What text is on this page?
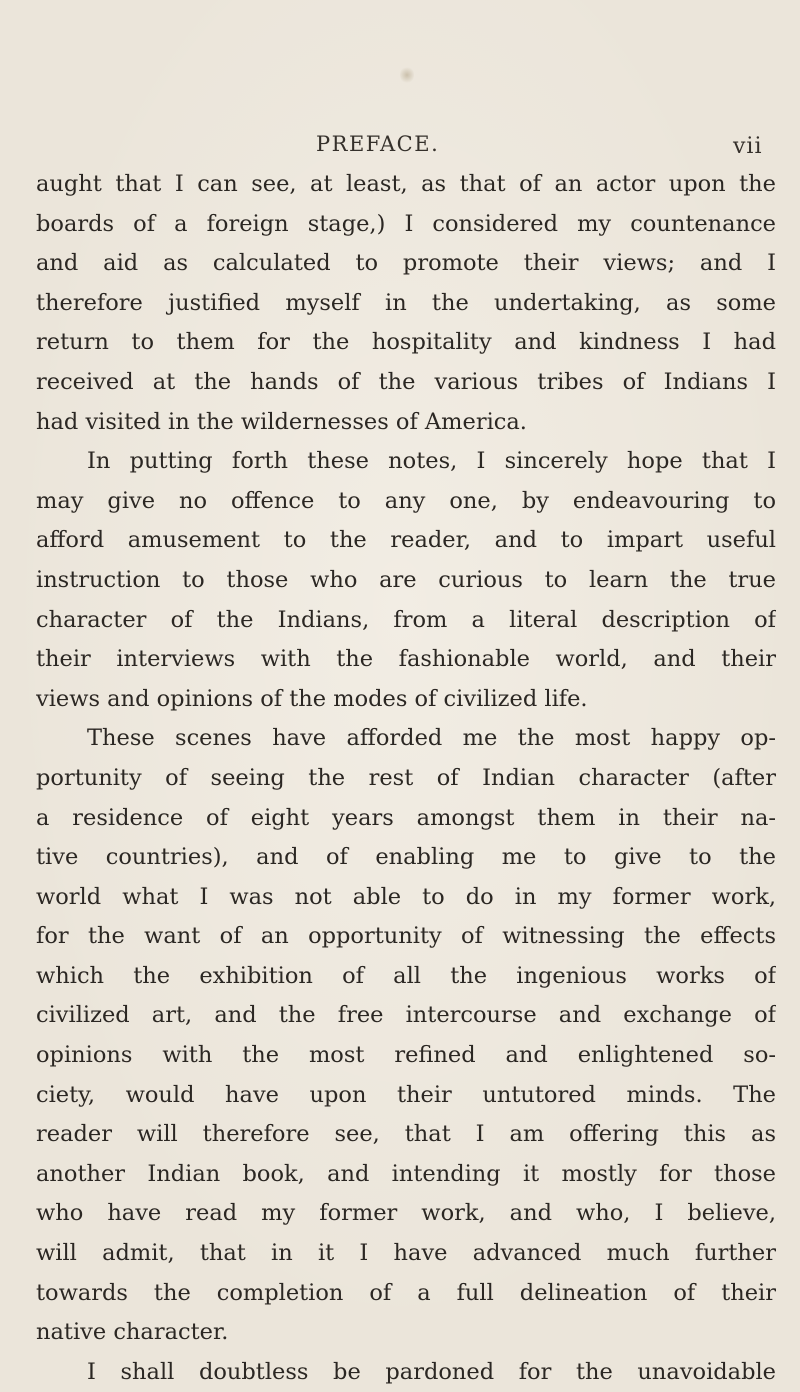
PREFACE.	vii
aught that I can see, at least, as that of an actor upon the
boards of a foreign stage,) I considered my countenance
and aid as calculated to promote their views; and I
therefore justified myself in the undertaking, as some
return to them for the hospitality and kindness I had
received at the hands of the various tribes of Indians I
had visited in the wildernesses of America.
In putting forth these notes, I sincerely hope that I
may give no offence to any one, by endeavouring to
afford amusement to the reader, and to impart useful
instruction to those who are curious to learn the true
character of the Indians, from a literal description of
their interviews with the fashionable world, and their
views and opinions of the modes of civilized life.
These scenes have afforded me the most happy op-
portunity of seeing the rest of Indian character (after
a residence of eight years amongst them in their na-
tive countries), and of enabling me to give to the
world what I was not able to do in my former work,
for the want of an opportunity of witnessing the effects
which the exhibition of all the ingenious works of
civilized art, and the free intercourse and exchange of
opinions with the most refined and enlightened so-
ciety, would have upon their untutored minds. The
reader will therefore see, that I am offering this as
another Indian book, and intending it mostly for those
who have read my former work, and who, I believe,
will admit, that in it I have advanced much further
towards the completion of a full delineation of their
native character.
I shall doubtless be pardoned for the unavoidable
